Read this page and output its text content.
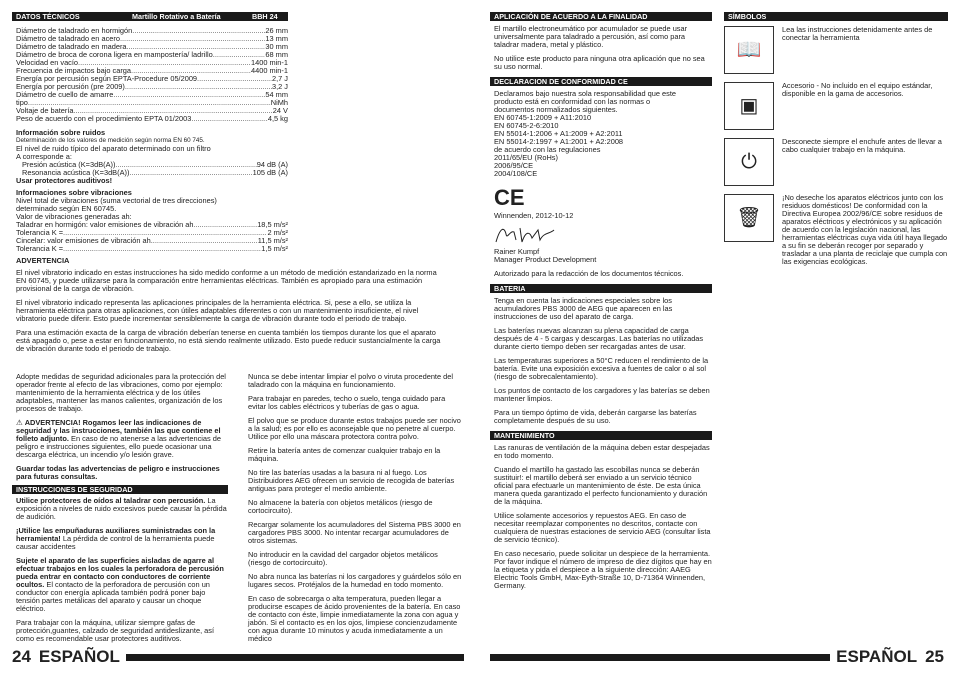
DATOS TÉCNICOS	Martillo Rotativo a Batería	BBH 24
Diámetro de taladrado en hormigón .....	26 mm
Diámetro de taladrado en acero .....	13 mm
Diámetro de taladrado en madera .....	30 mm
Diámetro de broca de corona ligera en mampostería/ ladrillo .....	68 mm
Velocidad en vacío .....	1400 min-1
Frecuencia de impactos bajo carga .....	4400 min-1
Energía por percusión según EPTA-Procedure 05/2009 .....	2,7 J
Energía por percusión (pre 2009) .....	3,2 J
Diámetro de cuello de amarre .....	54 mm
tipo .....	NiMh
Voltaje de batería .....	24 V
Peso de acuerdo con el procedimiento EPTA 01/2003 .....	4,5 kg
Información sobre ruidos
Determinación de los valores de medición según norma EN 60 745.
El nivel de ruido típico del aparato determinado con un filtro
A corresponde a:
Presión acústica (K=3dB(A)) .....	94 dB (A)
Resonancia acústica (K=3dB(A)) .....	105 dB (A)
Usar protectores auditivos!
Informaciones sobre vibraciones
Nivel total de vibraciones (suma vectorial de tres direcciones)
determinado según EN 60745.
Valor de vibraciones generadas ah:
Taladrar en hormigón: valor emisiones de vibración ah .....	18,5 m/s²
Tolerancia K = .....	2 m/s²
Cincelar: valor emisiones de vibración ah .....	11,5 m/s²
Tolerancia K = .....	1,5 m/s²
ADVERTENCIA

El nivel vibratorio indicado en estas instrucciones ha sido medido conforme a un método de medición estandarizado en la norma EN 60745, y puede utilizarse para la comparación entre herramientas eléctricas. También es apropiado para una estimación provisional de la carga de vibración.

El nivel vibratorio indicado representa las aplicaciones principales de la herramienta eléctrica. Si, pese a ello, se utiliza la herramienta eléctrica para otras aplicaciones, con útiles adaptables diferentes o con un mantenimiento insuficiente, el nivel vibratorio puede diferir. Esto puede incrementar sensiblemente la carga de vibración durante todo el periodo de trabajo.

Para una estimación exacta de la carga de vibración deberían tenerse en cuenta también los tiempos durante los que el aparato está apagado o, pese a estar en funcionamiento, no está siendo realmente utilizado. Esto puede reducir sustancialmente la carga de vibración durante todo el periodo de trabajo.

Adopte medidas de seguridad adicionales para la protección del operador frente al efecto de las vibraciones, como por ejemplo: mantenimiento de la herramienta eléctrica y de los útiles adaptables, mantener las manos calientes, organización de los procesos de trabajo.

⚠ ADVERTENCIA! Rogamos leer las indicaciones de seguridad y las instrucciones, también las que contiene el folleto adjunto. En caso de no atenerse a las advertencias de peligro e instrucciones siguientes, ello puede ocasionar una descarga eléctrica, un incendio y/o lesión grave.

Guardar todas las advertencias de peligro e instrucciones para futuras consultas.

INSTRUCCIONES DE SEGURIDAD

Utilice protectores de oídos al taladrar con percusión. La exposición a niveles de ruido excesivos puede causar la pérdida de audición.

¡Utilice las empuñaduras auxiliares suministradas con la herramienta! La pérdida de control de la herramienta puede causar accidentes

Sujete el aparato de las superficies aisladas de agarre al efectuar trabajos en los cuales la perforadora de percusión pueda entrar en contacto con conductores de corriente ocultos. El contacto de la perforadora de percusión con un conductor con energía aplicada también podrá poner bajo tensión partes metálicas del aparato y causar un choque eléctrico.

Para trabajar con la máquina, utilizar siempre gafas de protección,guantes, calzado de seguridad antideslizante, así como es recomendable usar protectores auditivos.

Nunca se debe intentar limpiar el polvo o viruta procedente del taladrado con la máquina en funcionamiento.

Para trabajar en paredes, techo o suelo, tenga cuidado para evitar los cables eléctricos y tuberías de gas o agua.

El polvo que se produce durante estos trabajos puede ser nocivo a la salud; es por ello es aconsejable que no penetre al cuerpo. Utilice por ello una máscara protectora contra polvo.

Retire la batería antes de comenzar cualquier trabajo en la máquina.

No tire las baterías usadas a la basura ni al fuego. Los Distribuidores AEG ofrecen un servicio de recogida de baterías antiguas para proteger el medio ambiente.

No almacene la batería con objetos metálicos (riesgo de cortocircuito).

Recargar solamente los acumuladores del Sistema PBS 3000 en cargadores PBS 3000. No intentar recargar acumuladores de otros sistemas.

No introducir en la cavidad del cargador objetos metálicos (riesgo de cortocircuito).

No abra nunca las baterías ni los cargadores y guárdelos sólo en lugares secos. Protéjalos de la humedad en todo momento.

En caso de sobrecarga o alta temperatura, pueden llegar a producirse escapes de ácido provenientes de la batería. En caso de contacto con éste, limpie inmediatamente la zona con agua y jabón. Si el contacto es en los ojos, limpiese concienzudamente con agua durante 10 minutos y acuda inmediatamente a un médico

24 ESPAÑOL
APLICACIÓN DE ACUERDO A LA FINALIDAD

El martillo electroneumático por acumulador se puede usar universalmente para taladrado a percusión, así como para taladrar madera, metal y plástico.

No utilice este producto para ninguna otra aplicación que no sea su uso normal.

DECLARACION DE CONFORMIDAD CE
Declaramos bajo nuestra sola responsabilidad que este
producto está en conformidad con las normas o
documentos normalizados siguientes.
EN 60745-1:2009 + A11:2010
EN 60745-2-6:2010
EN 55014-1:2006 + A1:2009 + A2:2011
EN 55014-2:1997 + A1:2001 + A2:2008
de acuerdo con las regulaciones
2011/65/EU (RoHs)
2006/95/CE
2004/108/CE
CE
Winnenden, 2012-10-12
Rainer Kumpf
Manager Product Development
Autorizado para la redacción de los documentos técnicos.
BATERIA

Tenga en cuenta las indicaciones especiales sobre los acumuladores PBS 3000 de AEG que aparecen en las instrucciones de uso del aparato de carga.

Las baterías nuevas alcanzan su plena capacidad de carga después de 4 - 5 cargas y descargas. Las baterías no utilizadas durante cierto tiempo deben ser recargadas antes de usar.

Las temperaturas superiores a 50°C reducen el rendimiento de la batería. Evite una exposición excesiva a fuentes de calor o al sol (riesgo de sobrecalentamiento).

Los puntos de contacto de los cargadores y las baterías se deben mantener limpios.

Para un tiempo óptimo de vida, deberán cargarse las baterías completamente después de su uso.

MANTENIMIENTO

Las ranuras de ventilación de la máquina deben estar despejadas en todo momento.

Cuando el martillo ha gastado las escobillas nunca se deberán sustituir!: el martillo deberá ser enviado a un servicio técnico oficial para efectuarle un mantenimiento de éste. De esta única manera queda garantizado el perfecto funcionamiento y duración de la máquina.

Utilice solamente accesorios y repuestos AEG. En caso de necesitar reemplazar componentes no descritos, contacte con cualquiera de nuestras estaciones de servicio AEG (consultar lista de servicio técnico).

En caso necesario, puede solicitar un despiece de la herramienta. Por favor indique el número de impreso de diez dígitos que hay en la etiqueta y pida el despiece a la siguiente dirección: AAEG Electric Tools GmbH, Max-Eyth-Straße 10, D-71364 Winnenden, Germany.

SÍMBOLOS
📖
Lea las instrucciones detenidamente antes de conectar la herramienta
▣
Accesorio - No incluido en el equipo estándar, disponible en la gama de accesorios.
⏻
Desconecte siempre el enchufe antes de llevar a cabo cualquier trabajo en la máquina.
🗑
¡No deseche los aparatos eléctricos junto con los residuos domésticos! De conformidad con la Directiva Europea 2002/96/CE sobre residuos de aparatos eléctricos y electrónicos y su aplicación de acuerdo con la legislación nacional, las herramientas eléctricas cuya vida útil haya llegado a su fin se deberán recoger por separado y trasladar a una planta de reciclaje que cumpla con las exigencias ecológicas.
ESPAÑOL 25
